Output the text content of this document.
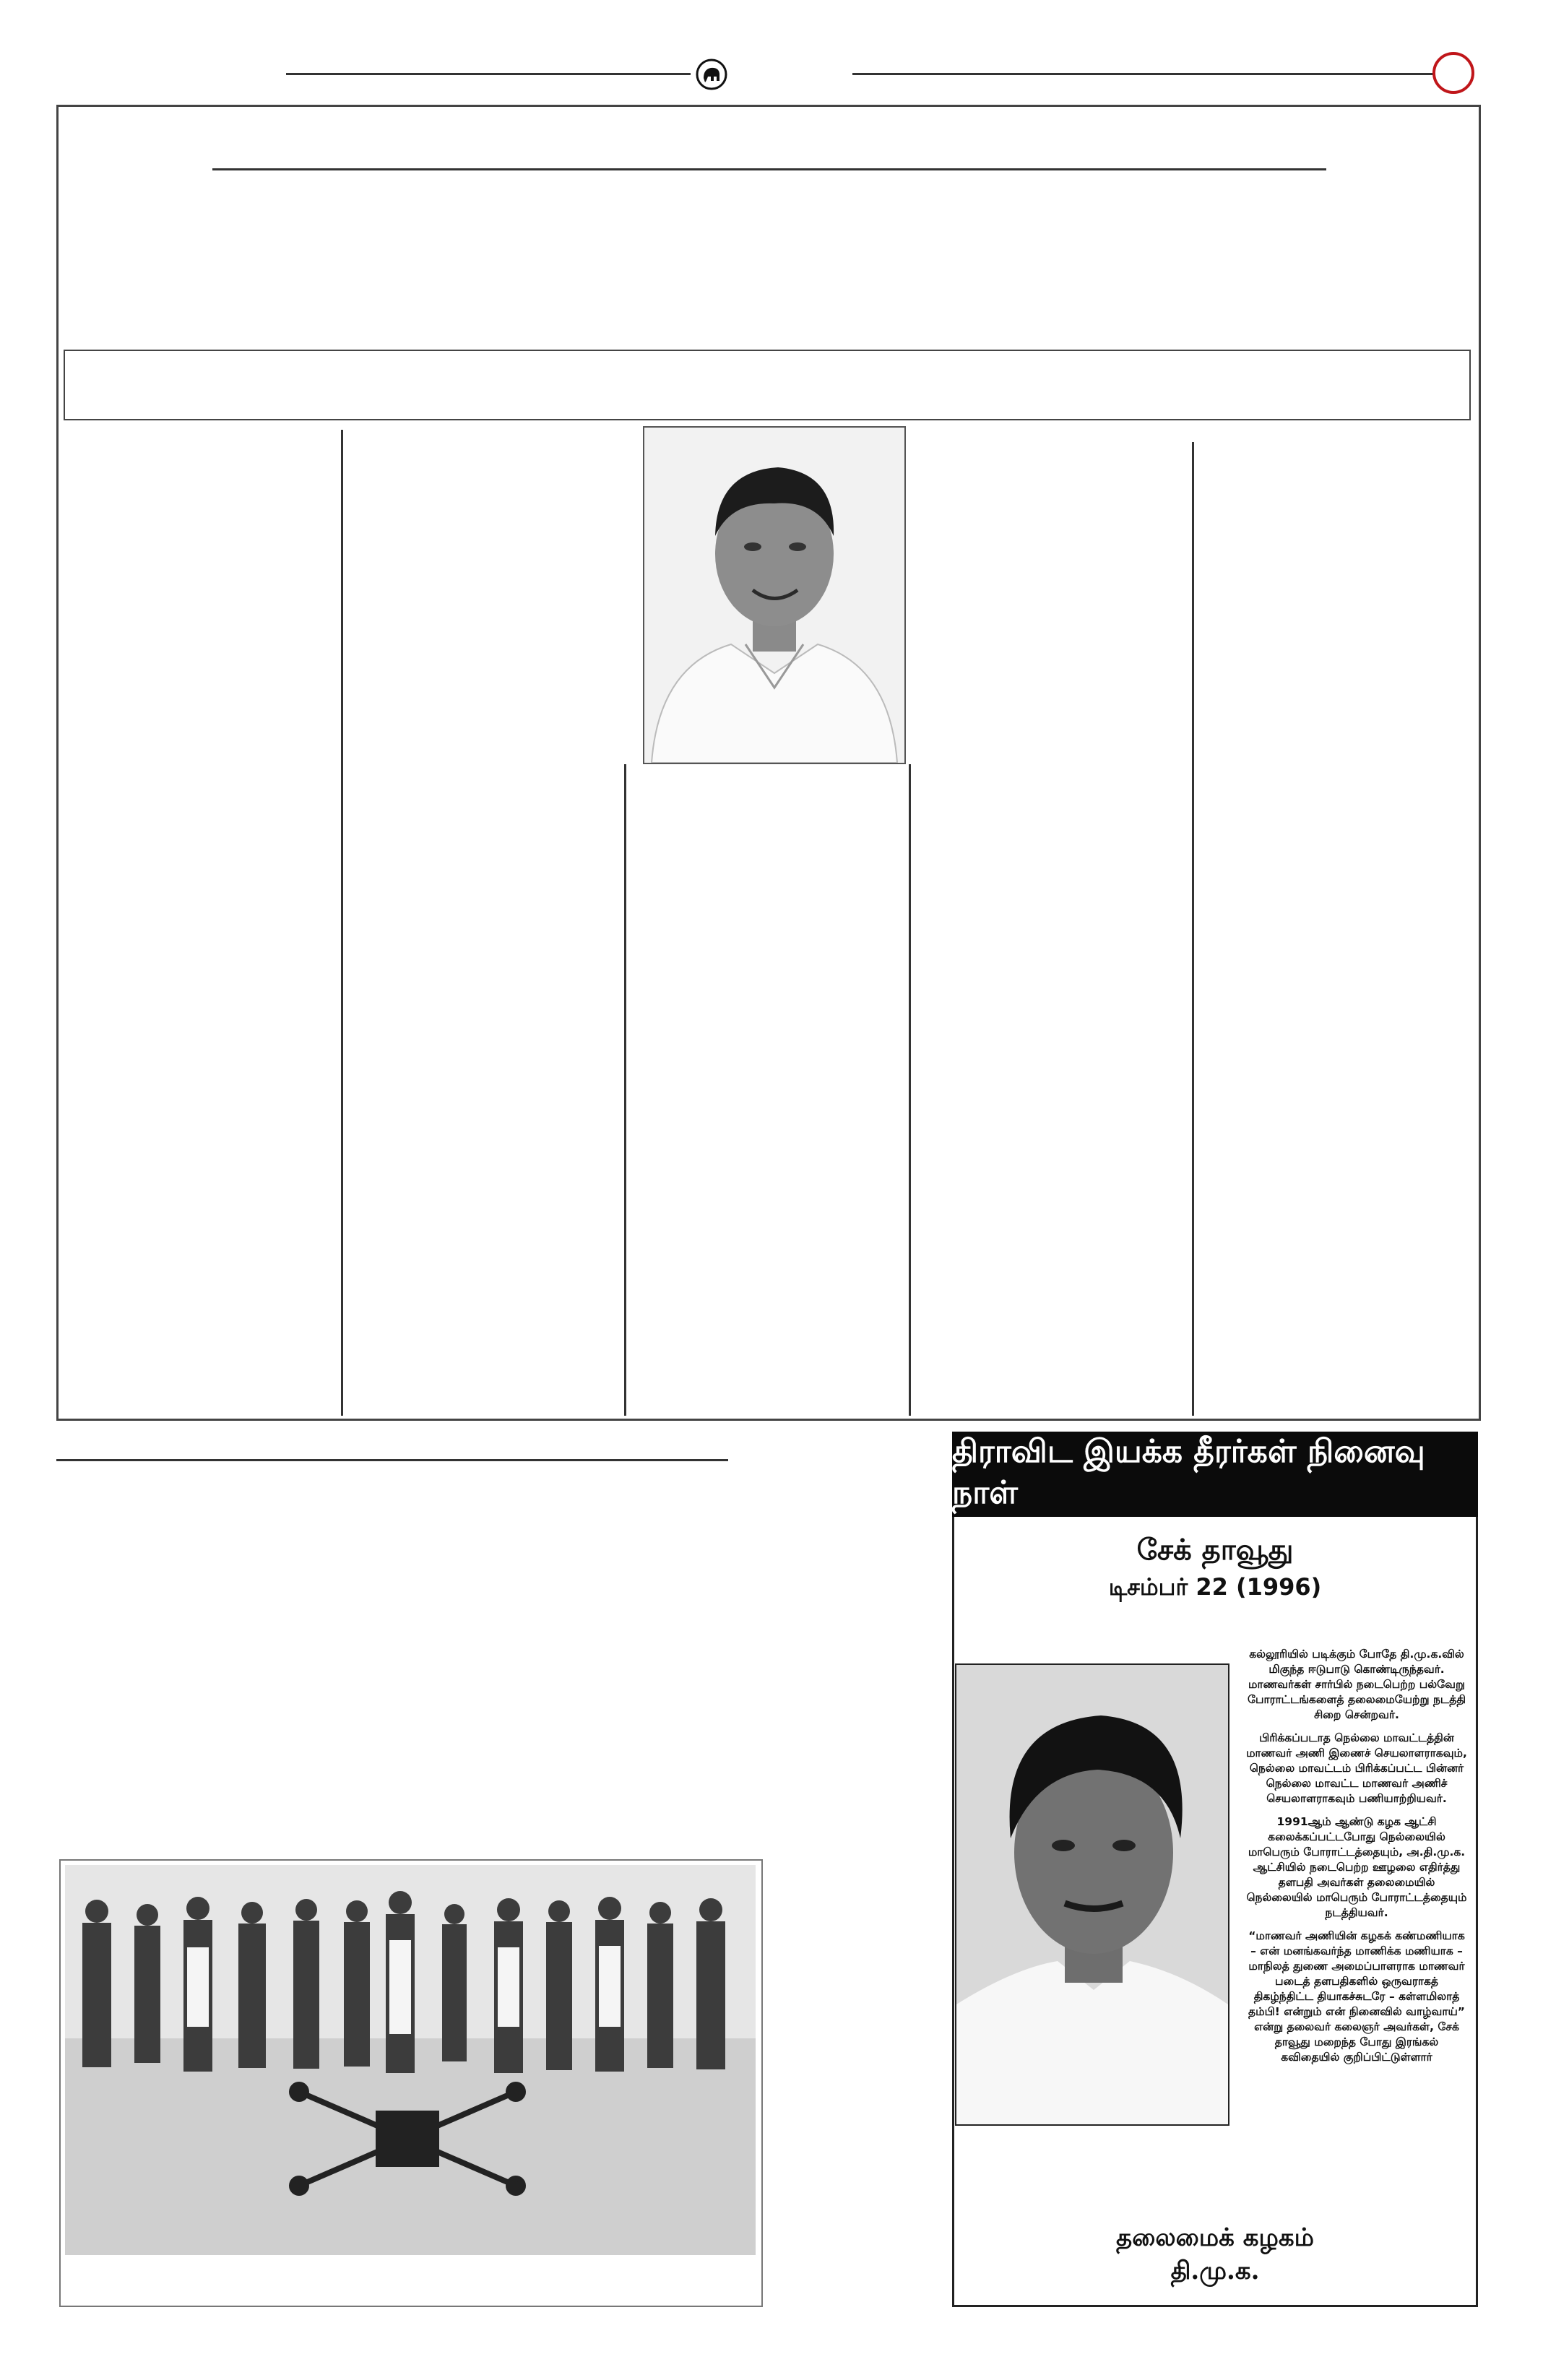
திராவிட இயக்க தீரர்கள் நினைவு நாள்
சேக் தாவூது
டிசம்பர் 22 (1996)

கல்லூரியில் படிக்கும் போதே தி.மு.க.வில் மிகுந்த ஈடுபாடு கொண்டிருந்தவர். மாணவர்கள் சார்பில் நடைபெற்ற பல்வேறு போராட்டங்களைத் தலைமையேற்று நடத்தி சிறை சென்றவர்.

பிரிக்கப்படாத நெல்லை மாவட்டத்தின் மாணவர் அணி இணைச் செயலாளராகவும், நெல்லை மாவட்டம் பிரிக்கப்பட்ட பின்னர் நெல்லை மாவட்ட மாணவர் அணிச் செயலாளராகவும் பணியாற்றியவர்.

1991ஆம் ஆண்டு கழக ஆட்சி கலைக்கப்பட்டபோது நெல்லையில் மாபெரும் போராட்டத்தையும், அ.தி.மு.க. ஆட்சியில் நடைபெற்ற ஊழலை எதிர்த்து தளபதி அவர்கள் தலைமையில் நெல்லையில் மாபெரும் போராட்டத்தையும் நடத்தியவர்.

“மாணவர் அணியின் கழகக் கண்மணியாக – என் மனங்கவர்ந்த மாணிக்க மணியாக – மாநிலத் துணை அமைப்பாளராக மாணவர் படைத் தளபதிகளில் ஒருவராகத் திகழ்ந்திட்ட தியாகச்சுடரே – கள்ளமிலாத் தம்பி! என்றும் என் நினைவில் வாழ்வாய்” என்று தலைவர் கலைஞர் அவர்கள், சேக் தாவூது மறைந்த போது இரங்கல் கவிதையில் குறிப்பிட்டுள்ளார்

தலைமைக் கழகம்
தி.மு.க.
